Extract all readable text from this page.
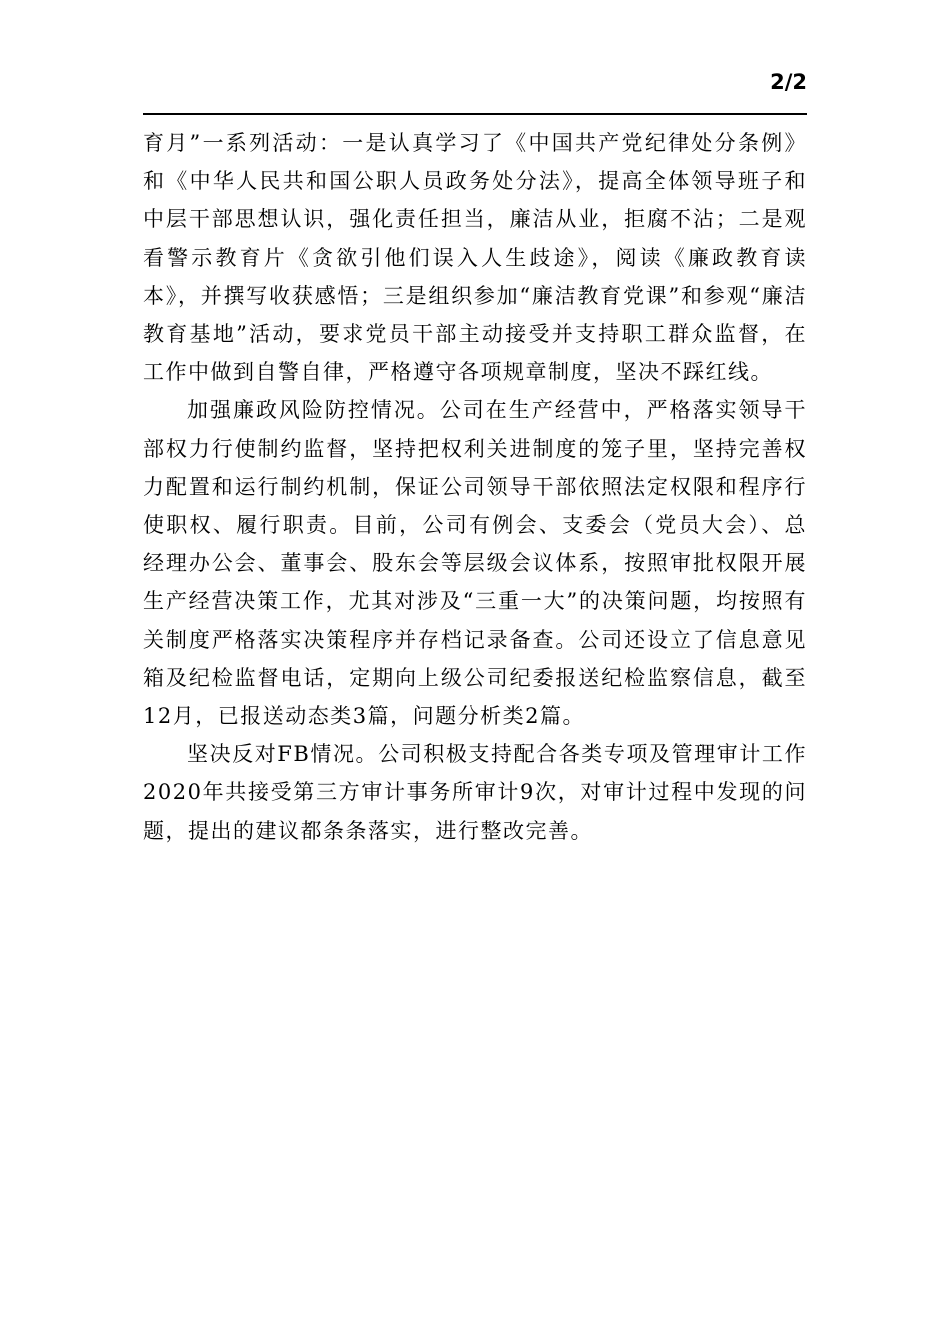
2/2

育月”一系列活动：一是认真学习了《中国共产党纪律处分条例》和《中华人民共和国公职人员政务处分法》，提高全体领导班子和中层干部思想认识，强化责任担当，廉洁从业，拒腐不沾；二是观看警示教育片《贪欲引他们误入人生歧途》，阅读《廉政教育读本》，并撰写收获感悟；三是组织参加“廉洁教育党课”和参观“廉洁教育基地”活动，要求党员干部主动接受并支持职工群众监督，在工作中做到自警自律，严格遵守各项规章制度，坚决不踩红线。

加强廉政风险防控情况。公司在生产经营中，严格落实领导干部权力行使制约监督，坚持把权利关进制度的笼子里，坚持完善权力配置和运行制约机制，保证公司领导干部依照法定权限和程序行使职权、履行职责。目前，公司有例会、支委会（党员大会）、总经理办公会、董事会、股东会等层级会议体系，按照审批权限开展生产经营决策工作，尤其对涉及“三重一大”的决策问题，均按照有关制度严格落实决策程序并存档记录备查。公司还设立了信息意见箱及纪检监督电话，定期向上级公司纪委报送纪检监察信息，截至12月，已报送动态类3篇，问题分析类2篇。

坚决反对FB情况。公司积极支持配合各类专项及管理审计工作2020年共接受第三方审计事务所审计9次，对审计过程中发现的问题，提出的建议都条条落实，进行整改完善。
